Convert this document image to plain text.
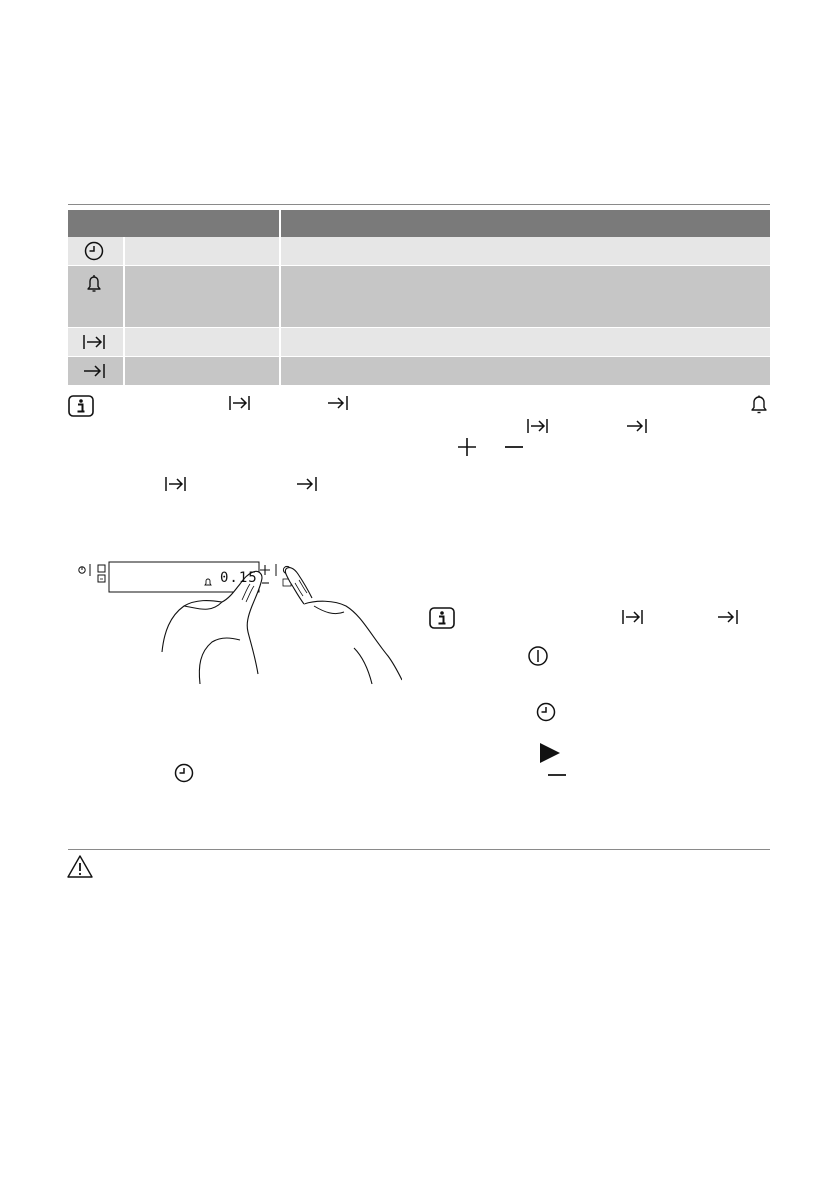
0.15
